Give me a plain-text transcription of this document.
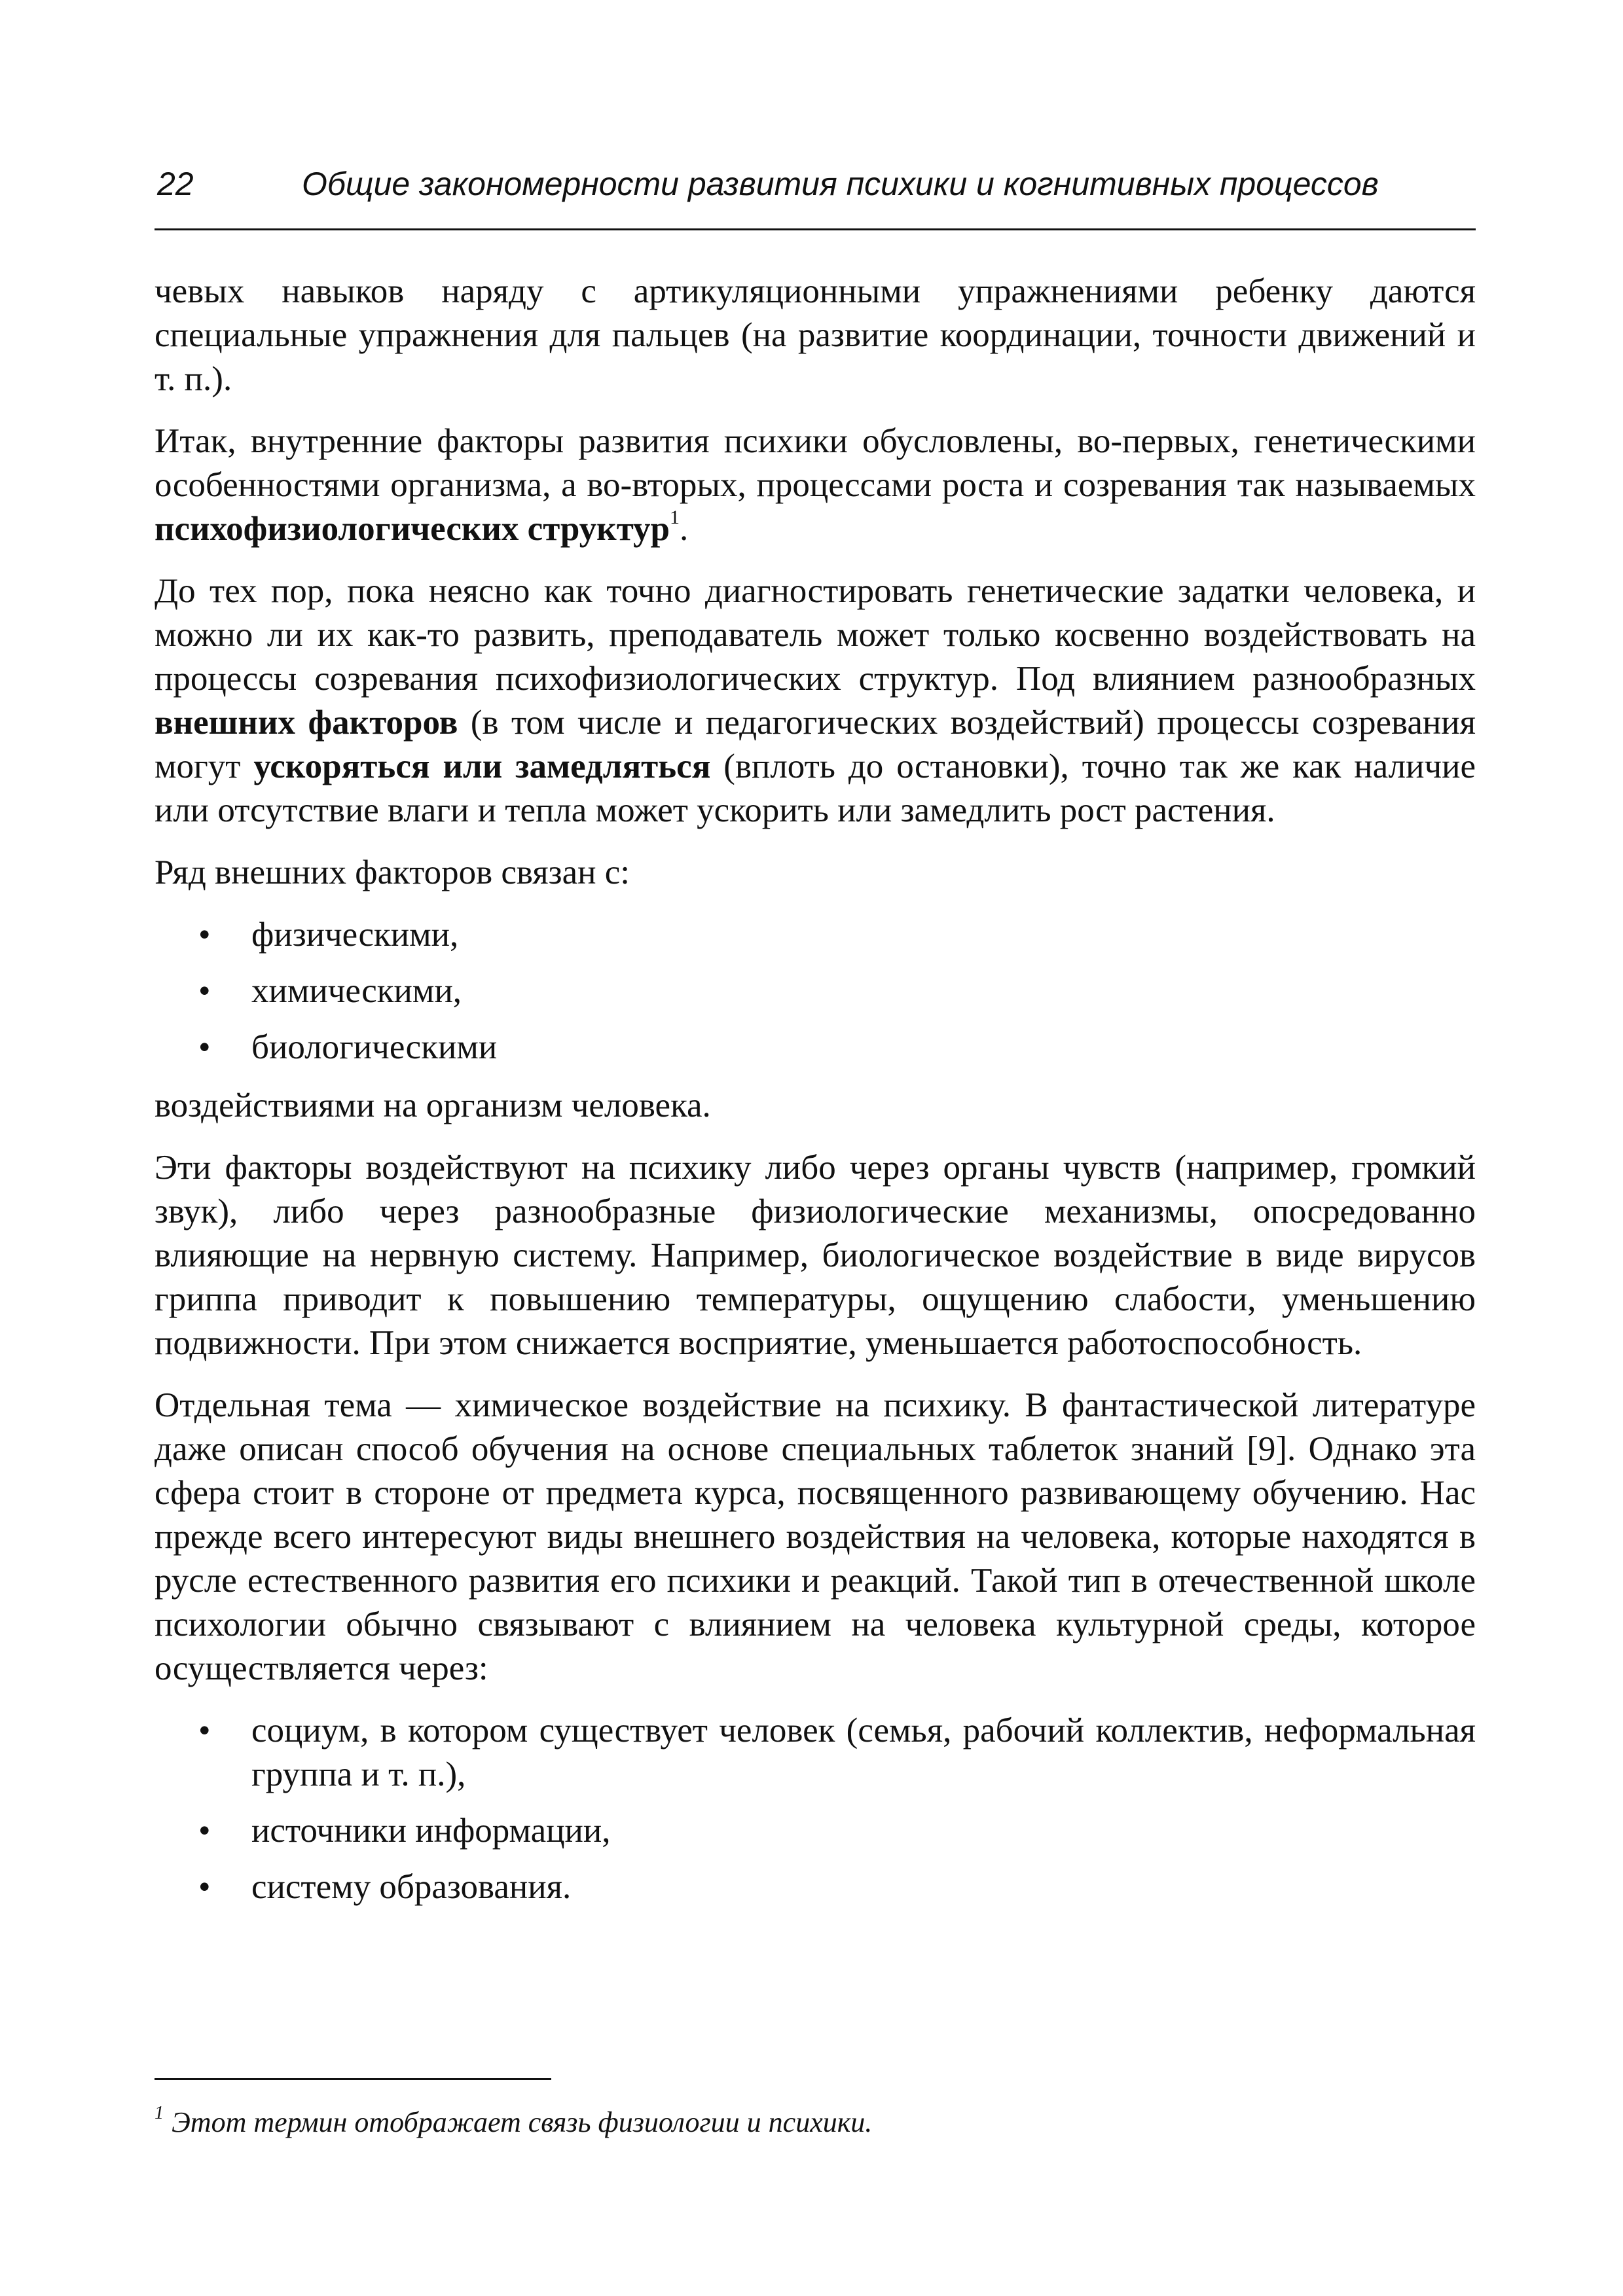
22	Общие закономерности развития психики и когнитивных процессов

чевых навыков наряду с артикуляционными упражнениями ребенку даются специальные упражнения для пальцев (на развитие координации, точности движений и т. п.).

Итак, внутренние факторы развития психики обусловлены, во-первых, генетическими особенностями организма, а во-вторых, процессами роста и созревания так называемых психофизиологических структур$^1$.

До тех пор, пока неясно как точно диагностировать генетические задатки человека, и можно ли их как-то развить, преподаватель может только косвенно воздействовать на процессы созревания психофизиологических структур. Под влиянием разнообразных внешних факторов (в том числе и педагогических воздействий) процессы созревания могут ускоряться или замедляться (вплоть до остановки), точно так же как наличие или отсутствие влаги и тепла может ускорить или замедлить рост растения.

Ряд внешних факторов связан с:

• физическими,
• химическими,
• биологическими

воздействиями на организм человека.

Эти факторы воздействуют на психику либо через органы чувств (например, громкий звук), либо через разнообразные физиологические механизмы, опосредованно влияющие на нервную систему. Например, биологическое воздействие в виде вирусов гриппа приводит к повышению температуры, ощущению слабости, уменьшению подвижности. При этом снижается восприятие, уменьшается работоспособность.

Отдельная тема — химическое воздействие на психику. В фантастической литературе даже описан способ обучения на основе специальных таблеток знаний [9]. Однако эта сфера стоит в стороне от предмета курса, посвященного развивающему обучению. Нас прежде всего интересуют виды внешнего воздействия на человека, которые находятся в русле естественного развития его психики и реакций. Такой тип в отечественной школе психологии обычно связывают с влиянием на человека культурной среды, которое осуществляется через:

• социум, в котором существует человек (семья, рабочий коллектив, неформальная группа и т. п.),
• источники информации,
• систему образования.
$^1$ Этот термин отображает связь физиологии и психики.
